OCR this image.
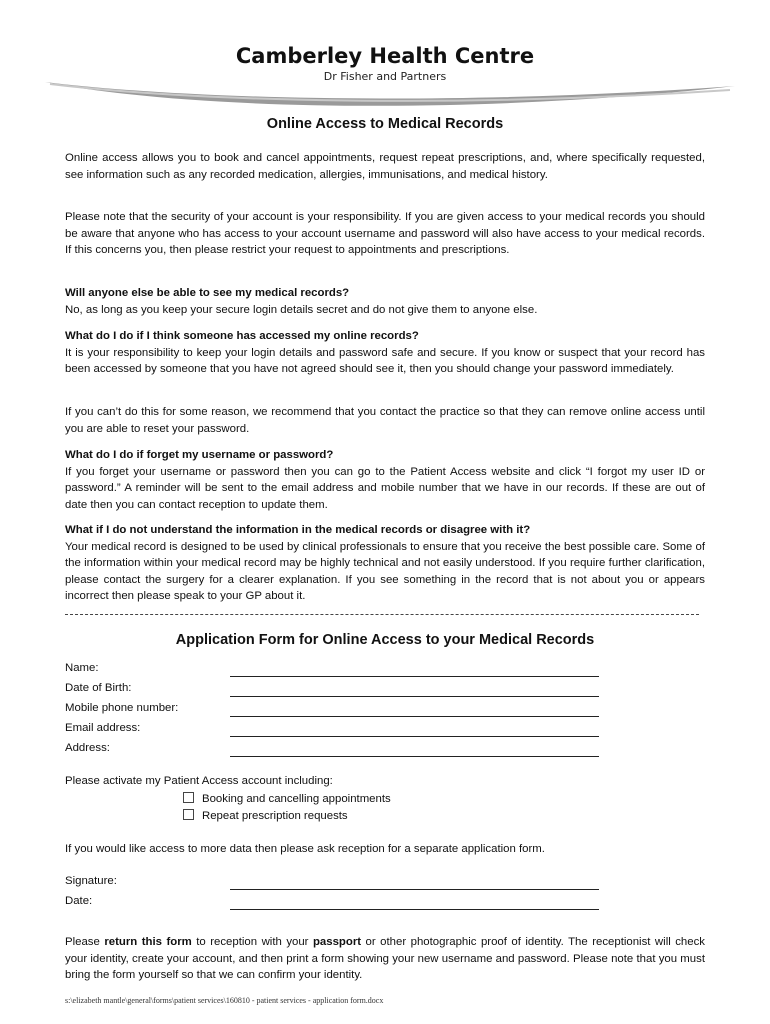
Camberley Health Centre
Dr Fisher and Partners
Online Access to Medical Records

Online access allows you to book and cancel appointments, request repeat prescriptions, and, where specifically requested, see information such as any recorded medication, allergies, immunisations, and medical history.

Please note that the security of your account is your responsibility. If you are given access to your medical records you should be aware that anyone who has access to your account username and password will also have access to your medical records. If this concerns you, then please restrict your request to appointments and prescriptions.

Will anyone else be able to see my medical records?

No, as long as you keep your secure login details secret and do not give them to anyone else.

What do I do if I think someone has accessed my online records?

It is your responsibility to keep your login details and password safe and secure. If you know or suspect that your record has been accessed by someone that you have not agreed should see it, then you should change your password immediately.

If you can’t do this for some reason, we recommend that you contact the practice so that they can remove online access until you are able to reset your password.

What do I do if forget my username or password?

If you forget your username or password then you can go to the Patient Access website and click “I forgot my user ID or password.” A reminder will be sent to the email address and mobile number that we have in our records. If these are out of date then you can contact reception to update them.

What if I do not understand the information in the medical records or disagree with it?

Your medical record is designed to be used by clinical professionals to ensure that you receive the best possible care. Some of the information within your medical record may be highly technical and not easily understood. If you require further clarification, please contact the surgery for a clearer explanation. If you see something in the record that is not about you or appears incorrect then please speak to your GP about it.

Application Form for Online Access to your Medical Records
Name:
Date of Birth:
Mobile phone number:
Email address:
Address:
Please activate my Patient Access account including:
Booking and cancelling appointments
Repeat prescription requests
If you would like access to more data then please ask reception for a separate application form.
Signature:
Date:

Please return this form to reception with your passport or other photographic proof of identity. The receptionist will check your identity, create your account, and then print a form showing your new username and password. Please note that you must bring the form yourself so that we can confirm your identity.

s:\elizabeth mantle\general\forms\patient services\160810 - patient services - application form.docx
